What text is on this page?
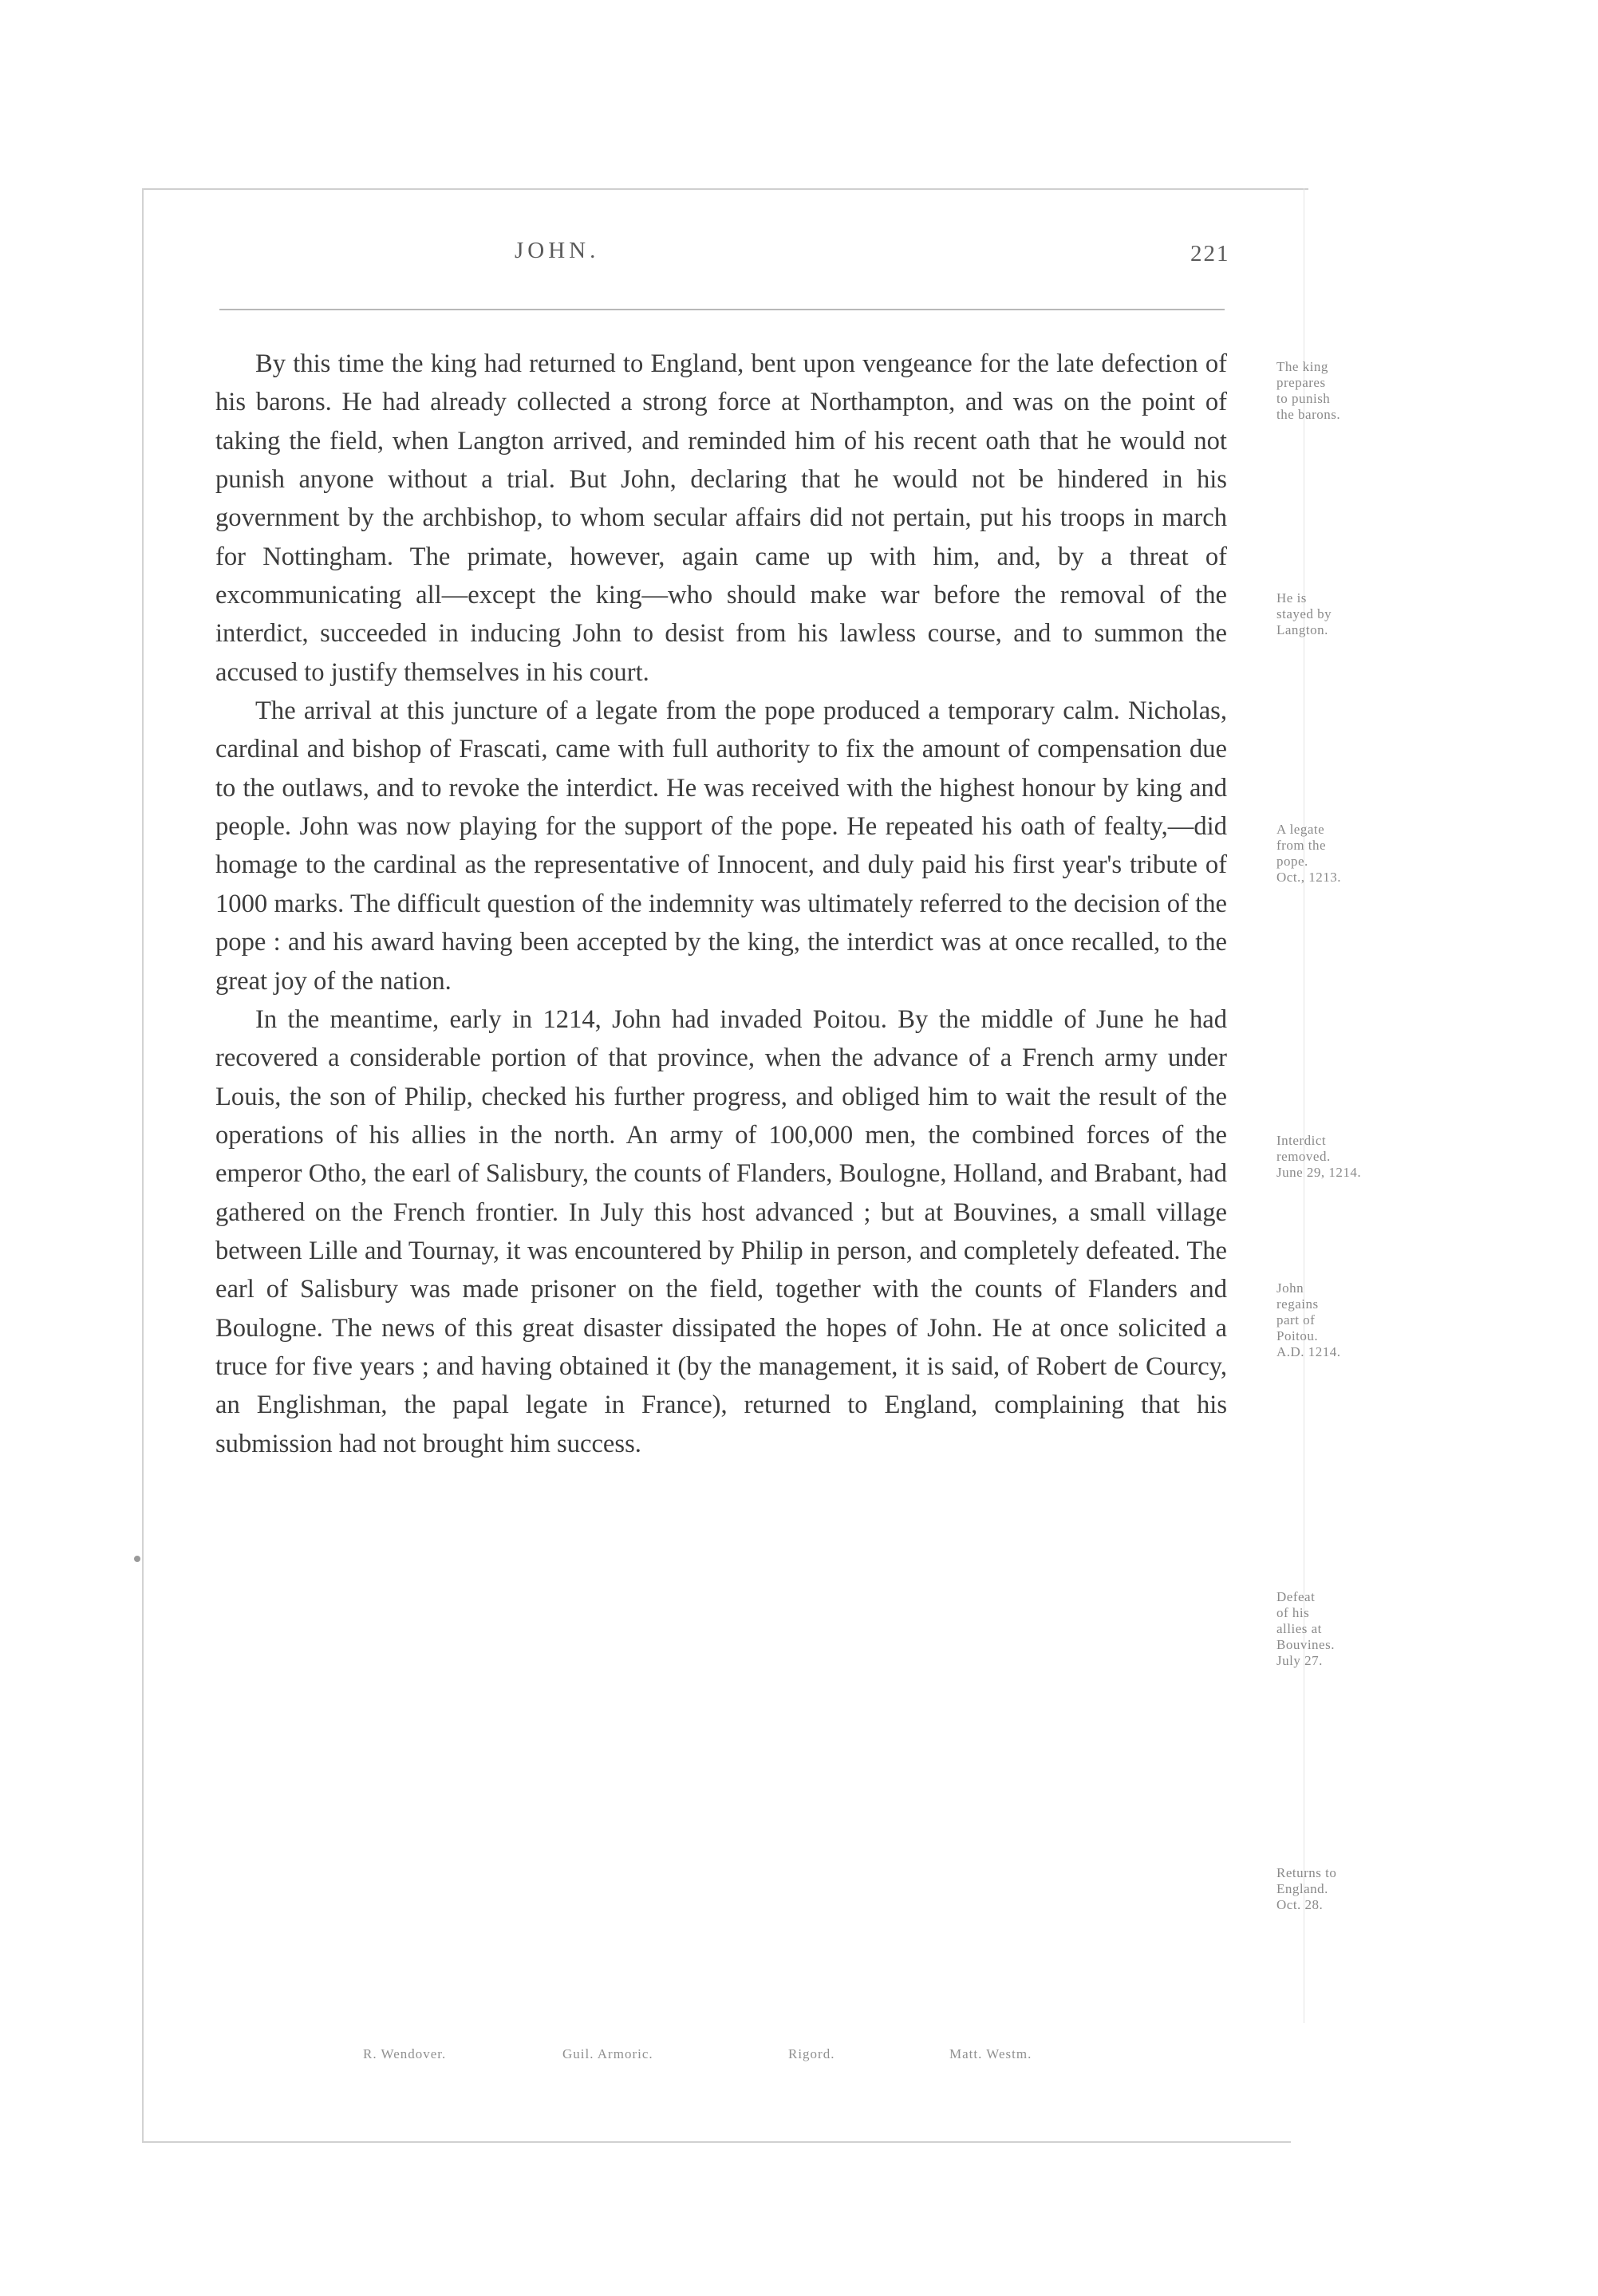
JOHN.	221

By this time the king had returned to England, bent upon vengeance for the late defection of his barons. He had already collected a strong force at Northampton, and was on the point of taking the field, when Langton arrived, and reminded him of his recent oath that he would not punish anyone without a trial. But John, declaring that he would not be hindered in his government by the archbishop, to whom secular affairs did not pertain, put his troops in march for Nottingham. The primate, however, again came up with him, and, by a threat of excommunicating all—except the king—who should make war before the removal of the interdict, succeeded in inducing John to desist from his lawless course, and to summon the accused to justify themselves in his court.

The arrival at this juncture of a legate from the pope produced a temporary calm. Nicholas, cardinal and bishop of Frascati, came with full authority to fix the amount of compensation due to the outlaws, and to revoke the interdict. He was received with the highest honour by king and people. John was now playing for the support of the pope. He repeated his oath of fealty,—did homage to the cardinal as the representative of Innocent, and duly paid his first year's tribute of 1000 marks. The difficult question of the indemnity was ultimately referred to the decision of the pope : and his award having been accepted by the king, the interdict was at once recalled, to the great joy of the nation.

In the meantime, early in 1214, John had invaded Poitou. By the middle of June he had recovered a considerable portion of that province, when the advance of a French army under Louis, the son of Philip, checked his further progress, and obliged him to wait the result of the operations of his allies in the north. An army of 100,000 men, the combined forces of the emperor Otho, the earl of Salisbury, the counts of Flanders, Boulogne, Holland, and Brabant, had gathered on the French frontier. In July this host advanced ; but at Bouvines, a small village between Lille and Tournay, it was encountered by Philip in person, and completely defeated. The earl of Salisbury was made prisoner on the field, together with the counts of Flanders and Boulogne. The news of this great disaster dissipated the hopes of John. He at once solicited a truce for five years ; and having obtained it (by the management, it is said, of Robert de Courcy, an Englishman, the papal legate in France), returned to England, complaining that his submission had not brought him success.

The king
prepares
to punish
the barons.
He is
stayed by
Langton.
A legate
from the
pope.
Oct., 1213.
Interdict
removed.
June 29, 1214.
John
regains
part of
Poitou.
A.D. 1214.
Defeat
of his
allies at
Bouvines.
July 27.
Returns to
England.
Oct. 28.
R. Wendover.	Guil. Armoric.	Rigord.	Matt. Westm.
